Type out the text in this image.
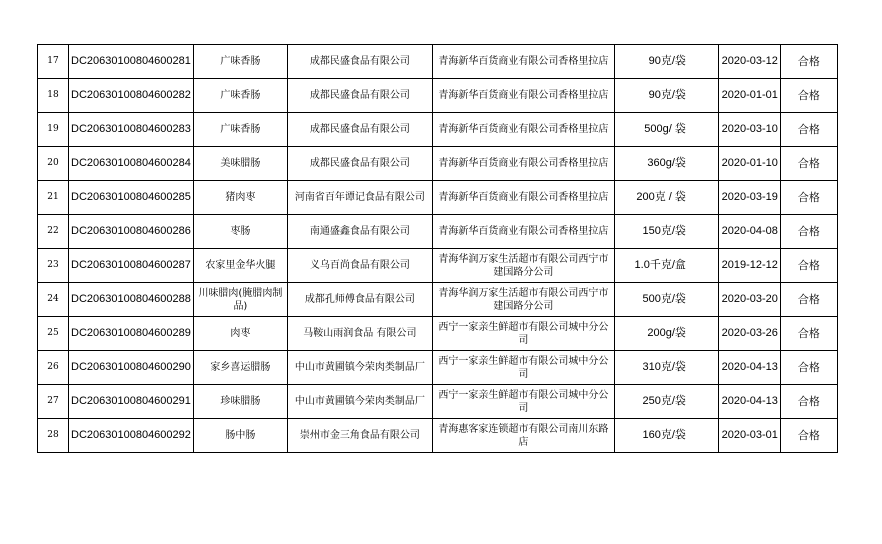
17	DC20630100804600281	广味香肠	成都民盛食品有限公司	青海新华百货商业有限公司香格里拉店	90克/袋	2020-03-12	合格
18	DC20630100804600282	广味香肠	成都民盛食品有限公司	青海新华百货商业有限公司香格里拉店	90克/袋	2020-01-01	合格
19	DC20630100804600283	广味香肠	成都民盛食品有限公司	青海新华百货商业有限公司香格里拉店	500g/ 袋	2020-03-10	合格
20	DC20630100804600284	美味腊肠	成都民盛食品有限公司	青海新华百货商业有限公司香格里拉店	360g/袋	2020-01-10	合格
21	DC20630100804600285	猪肉枣	河南省百年谭记食品有限公司	青海新华百货商业有限公司香格里拉店	200克 / 袋	2020-03-19	合格
22	DC20630100804600286	枣肠	南通盛鑫食品有限公司	青海新华百货商业有限公司香格里拉店	150克/袋	2020-04-08	合格
23	DC20630100804600287	农家里金华火腿	义乌百尚食品有限公司	青海华润万家生活超市有限公司西宁市建国路分公司	1.0千克/盒	2019-12-12	合格
24	DC20630100804600288	川味腊肉(腌腊肉制品)	成都孔师傅食品有限公司	青海华润万家生活超市有限公司西宁市建国路分公司	500克/袋	2020-03-20	合格
25	DC20630100804600289	肉枣	马鞍山雨润食品 有限公司	西宁一家亲生鲜超市有限公司城中分公司	200g/袋	2020-03-26	合格
26	DC20630100804600290	家乡喜运腊肠	中山市黄圃镇今荣肉类制品厂	西宁一家亲生鲜超市有限公司城中分公司	310克/袋	2020-04-13	合格
27	DC20630100804600291	珍味腊肠	中山市黄圃镇今荣肉类制品厂	西宁一家亲生鲜超市有限公司城中分公司	250克/袋	2020-04-13	合格
28	DC20630100804600292	肠中肠	崇州市金三角食品有限公司	青海惠客家连锁超市有限公司南川东路店	160克/袋	2020-03-01	合格
